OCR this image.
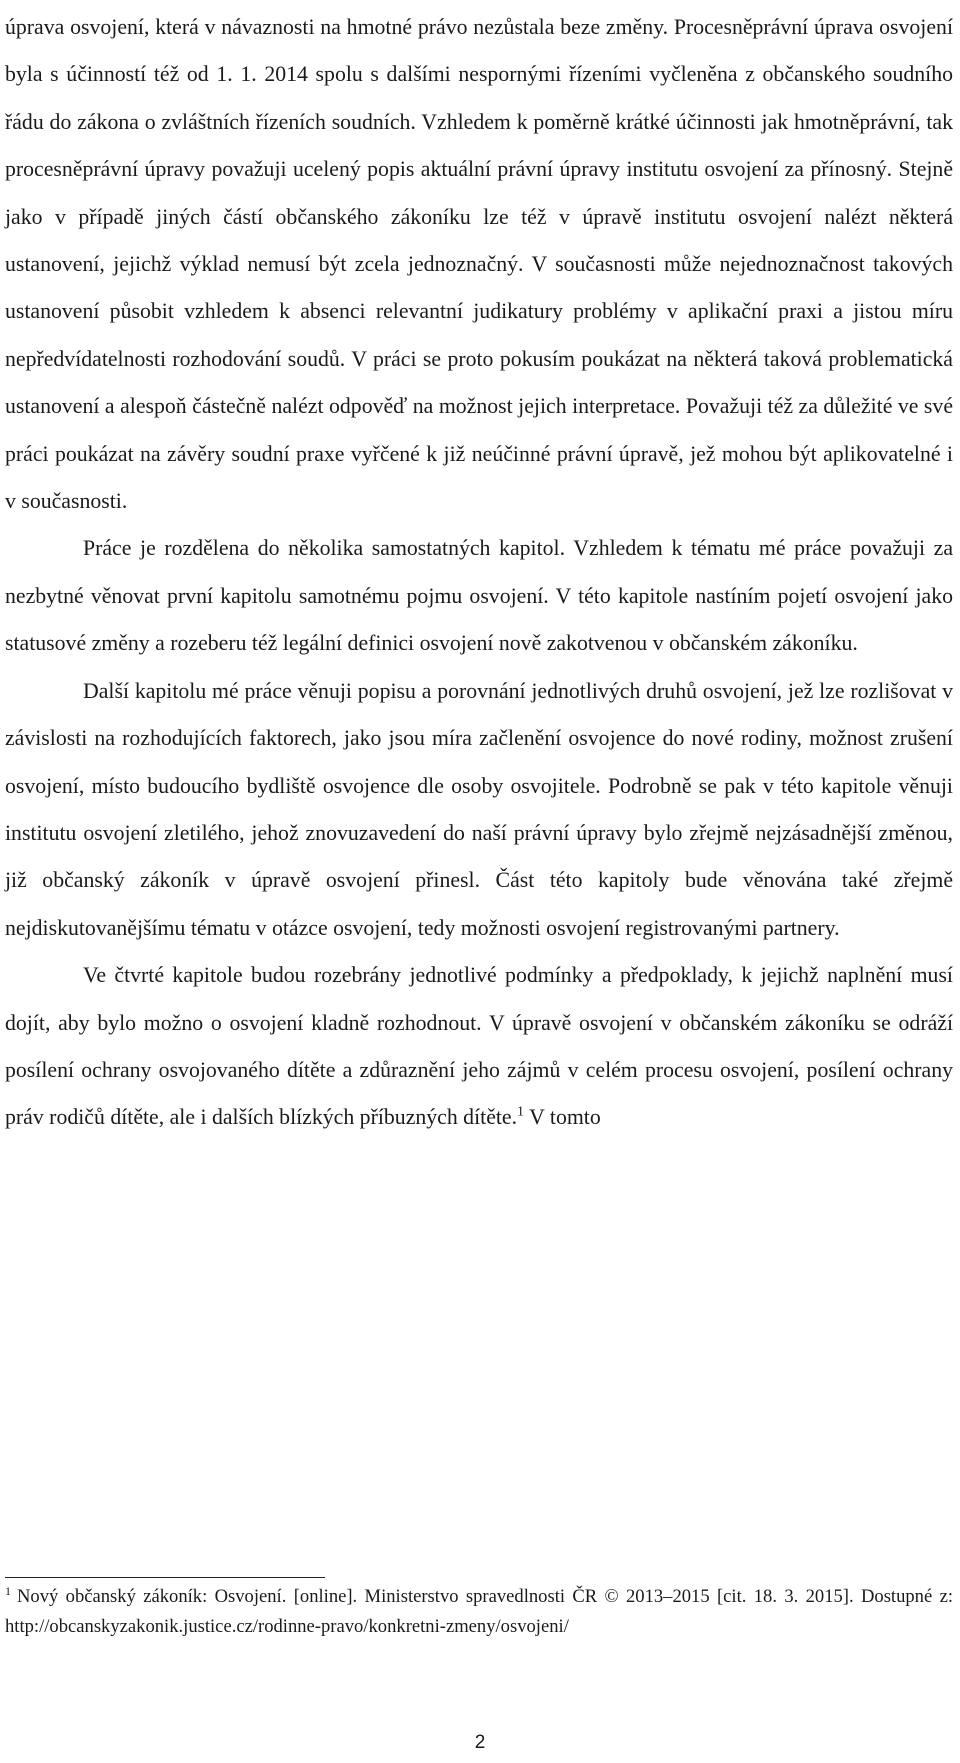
úprava osvojení, která v návaznosti na hmotné právo nezůstala beze změny. Procesněprávní úprava osvojení byla s účinností též od 1. 1. 2014 spolu s dalšími nespornými řízeními vyčleněna z občanského soudního řádu do zákona o zvláštních řízeních soudních. Vzhledem k poměrně krátké účinnosti jak hmotněprávní, tak procesněprávní úpravy považuji ucelený popis aktuální právní úpravy institutu osvojení za přínosný. Stejně jako v případě jiných částí občanského zákoníku lze též v úpravě institutu osvojení nalézt některá ustanovení, jejichž výklad nemusí být zcela jednoznačný. V současnosti může nejednoznačnost takových ustanovení působit vzhledem k absenci relevantní judikatury problémy v aplikační praxi a jistou míru nepředvídatelnosti rozhodování soudů. V práci se proto pokusím poukázat na některá taková problematická ustanovení a alespoň částečně nalézt odpověď na možnost jejich interpretace. Považuji též za důležité ve své práci poukázat na závěry soudní praxe vyřčené k již neúčinné právní úpravě, jež mohou být aplikovatelné i v současnosti.

Práce je rozdělena do několika samostatných kapitol. Vzhledem k tématu mé práce považuji za nezbytné věnovat první kapitolu samotnému pojmu osvojení. V této kapitole nastíním pojetí osvojení jako statusové změny a rozeberu též legální definici osvojení nově zakotvenou v občanském zákoníku.

Další kapitolu mé práce věnuji popisu a porovnání jednotlivých druhů osvojení, jež lze rozlišovat v závislosti na rozhodujících faktorech, jako jsou míra začlenění osvojence do nové rodiny, možnost zrušení osvojení, místo budoucího bydliště osvojence dle osoby osvojitele. Podrobně se pak v této kapitole věnuji institutu osvojení zletilého, jehož znovuzavedení do naší právní úpravy bylo zřejmě nejzásadnější změnou, již občanský zákoník v úpravě osvojení přinesl. Část této kapitoly bude věnována také zřejmě nejdiskutovanějšímu tématu v otázce osvojení, tedy možnosti osvojení registrovanými partnery.

Ve čtvrté kapitole budou rozebrány jednotlivé podmínky a předpoklady, k jejichž naplnění musí dojít, aby bylo možno o osvojení kladně rozhodnout. V úpravě osvojení v občanském zákoníku se odráží posílení ochrany osvojovaného dítěte a zdůraznění jeho zájmů v celém procesu osvojení, posílení ochrany práv rodičů dítěte, ale i dalších blízkých příbuzných dítěte.$^1$ V tomto

$^1$ Nový občanský zákoník: Osvojení. [online]. Ministerstvo spravedlnosti ČR © 2013–2015 [cit. 18. 3. 2015]. Dostupné z: http://obcanskyzakonik.justice.cz/rodinne-pravo/konkretni-zmeny/osvojeni/

2
